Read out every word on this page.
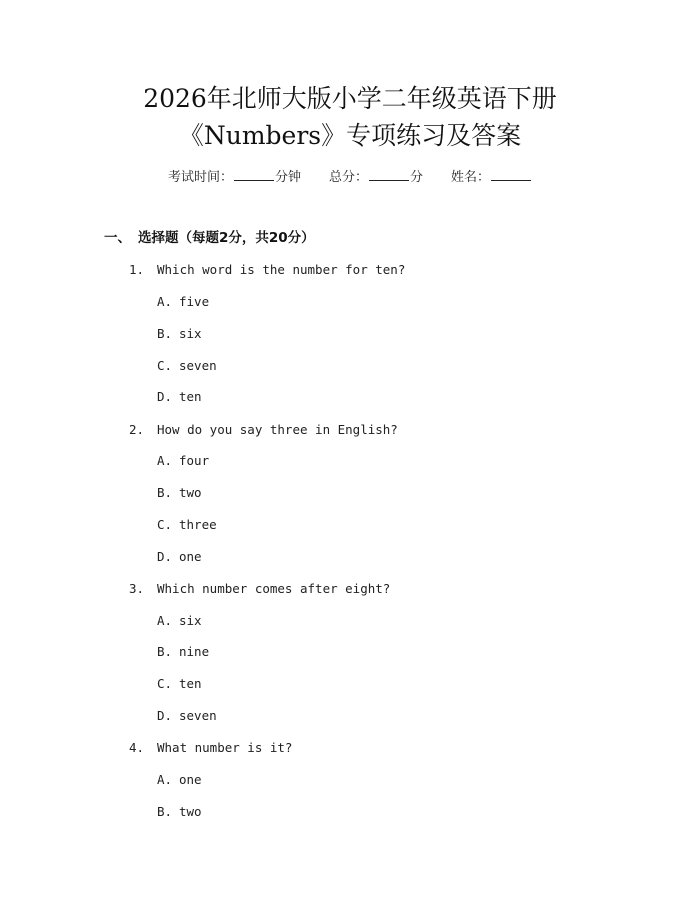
2026年北师大版小学二年级英语下册
《Numbers》专项练习及答案
考试时间：	分钟 总分：	分 姓名：
一、 选择题（每题2分，共20分）
1. Which word is the number for ten?
A. five
B. six
C. seven
D. ten
2. How do you say three in English?
A. four
B. two
C. three
D. one
3. Which number comes after eight?
A. six
B. nine
C. ten
D. seven
4. What number is it?
A. one
B. two
